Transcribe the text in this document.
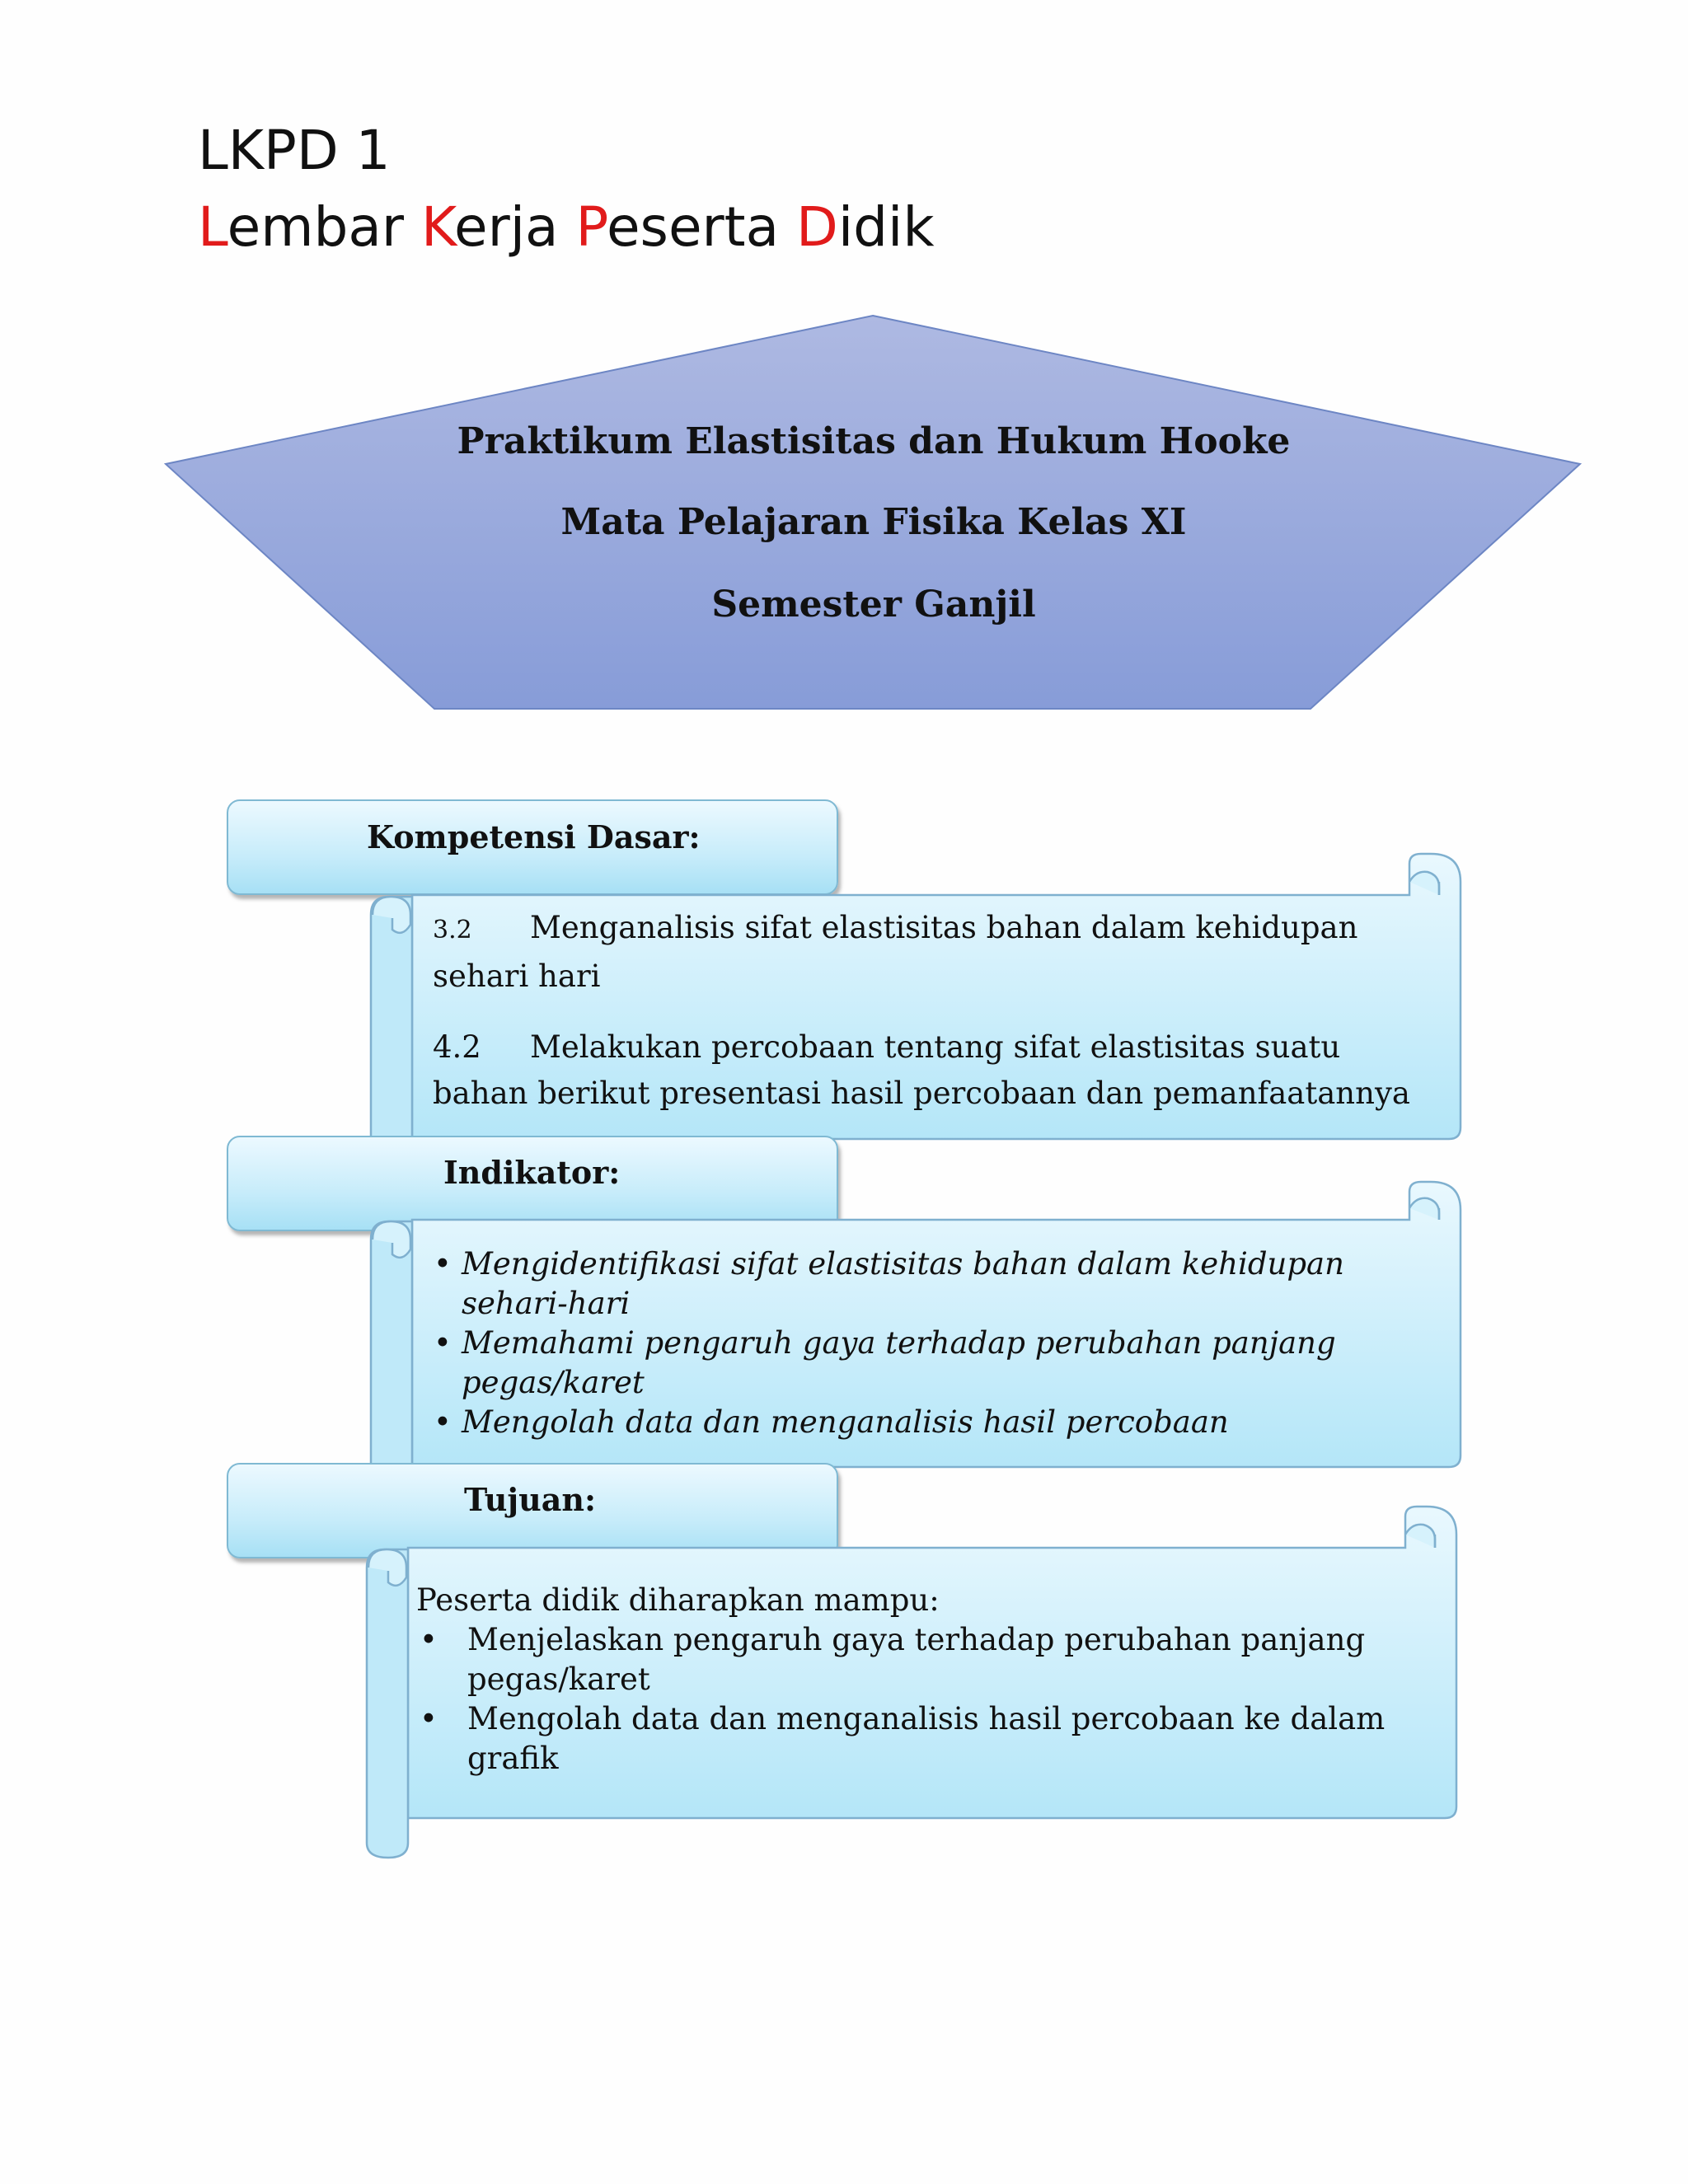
LKPD 1
Lembar Kerja Peserta Didik
Praktikum Elastisitas dan Hukum Hooke
Mata Pelajaran Fisika Kelas XI
Semester Ganjil
Kompetensi Dasar:
3.2 Menganalisis sifat elastisitas bahan dalam kehidupan
sehari hari
4.2 Melakukan percobaan tentang sifat elastisitas suatu
bahan berikut presentasi hasil percobaan dan pemanfaatannya
Indikator:
• Mengidentifikasi sifat elastisitas bahan dalam kehidupan
sehari-hari
• Memahami pengaruh gaya terhadap perubahan panjang
pegas/karet
• Mengolah data dan menganalisis hasil percobaan
Tujuan:
Peserta didik diharapkan mampu:
• Menjelaskan pengaruh gaya terhadap perubahan panjang
pegas/karet
• Mengolah data dan menganalisis hasil percobaan ke dalam
grafik
